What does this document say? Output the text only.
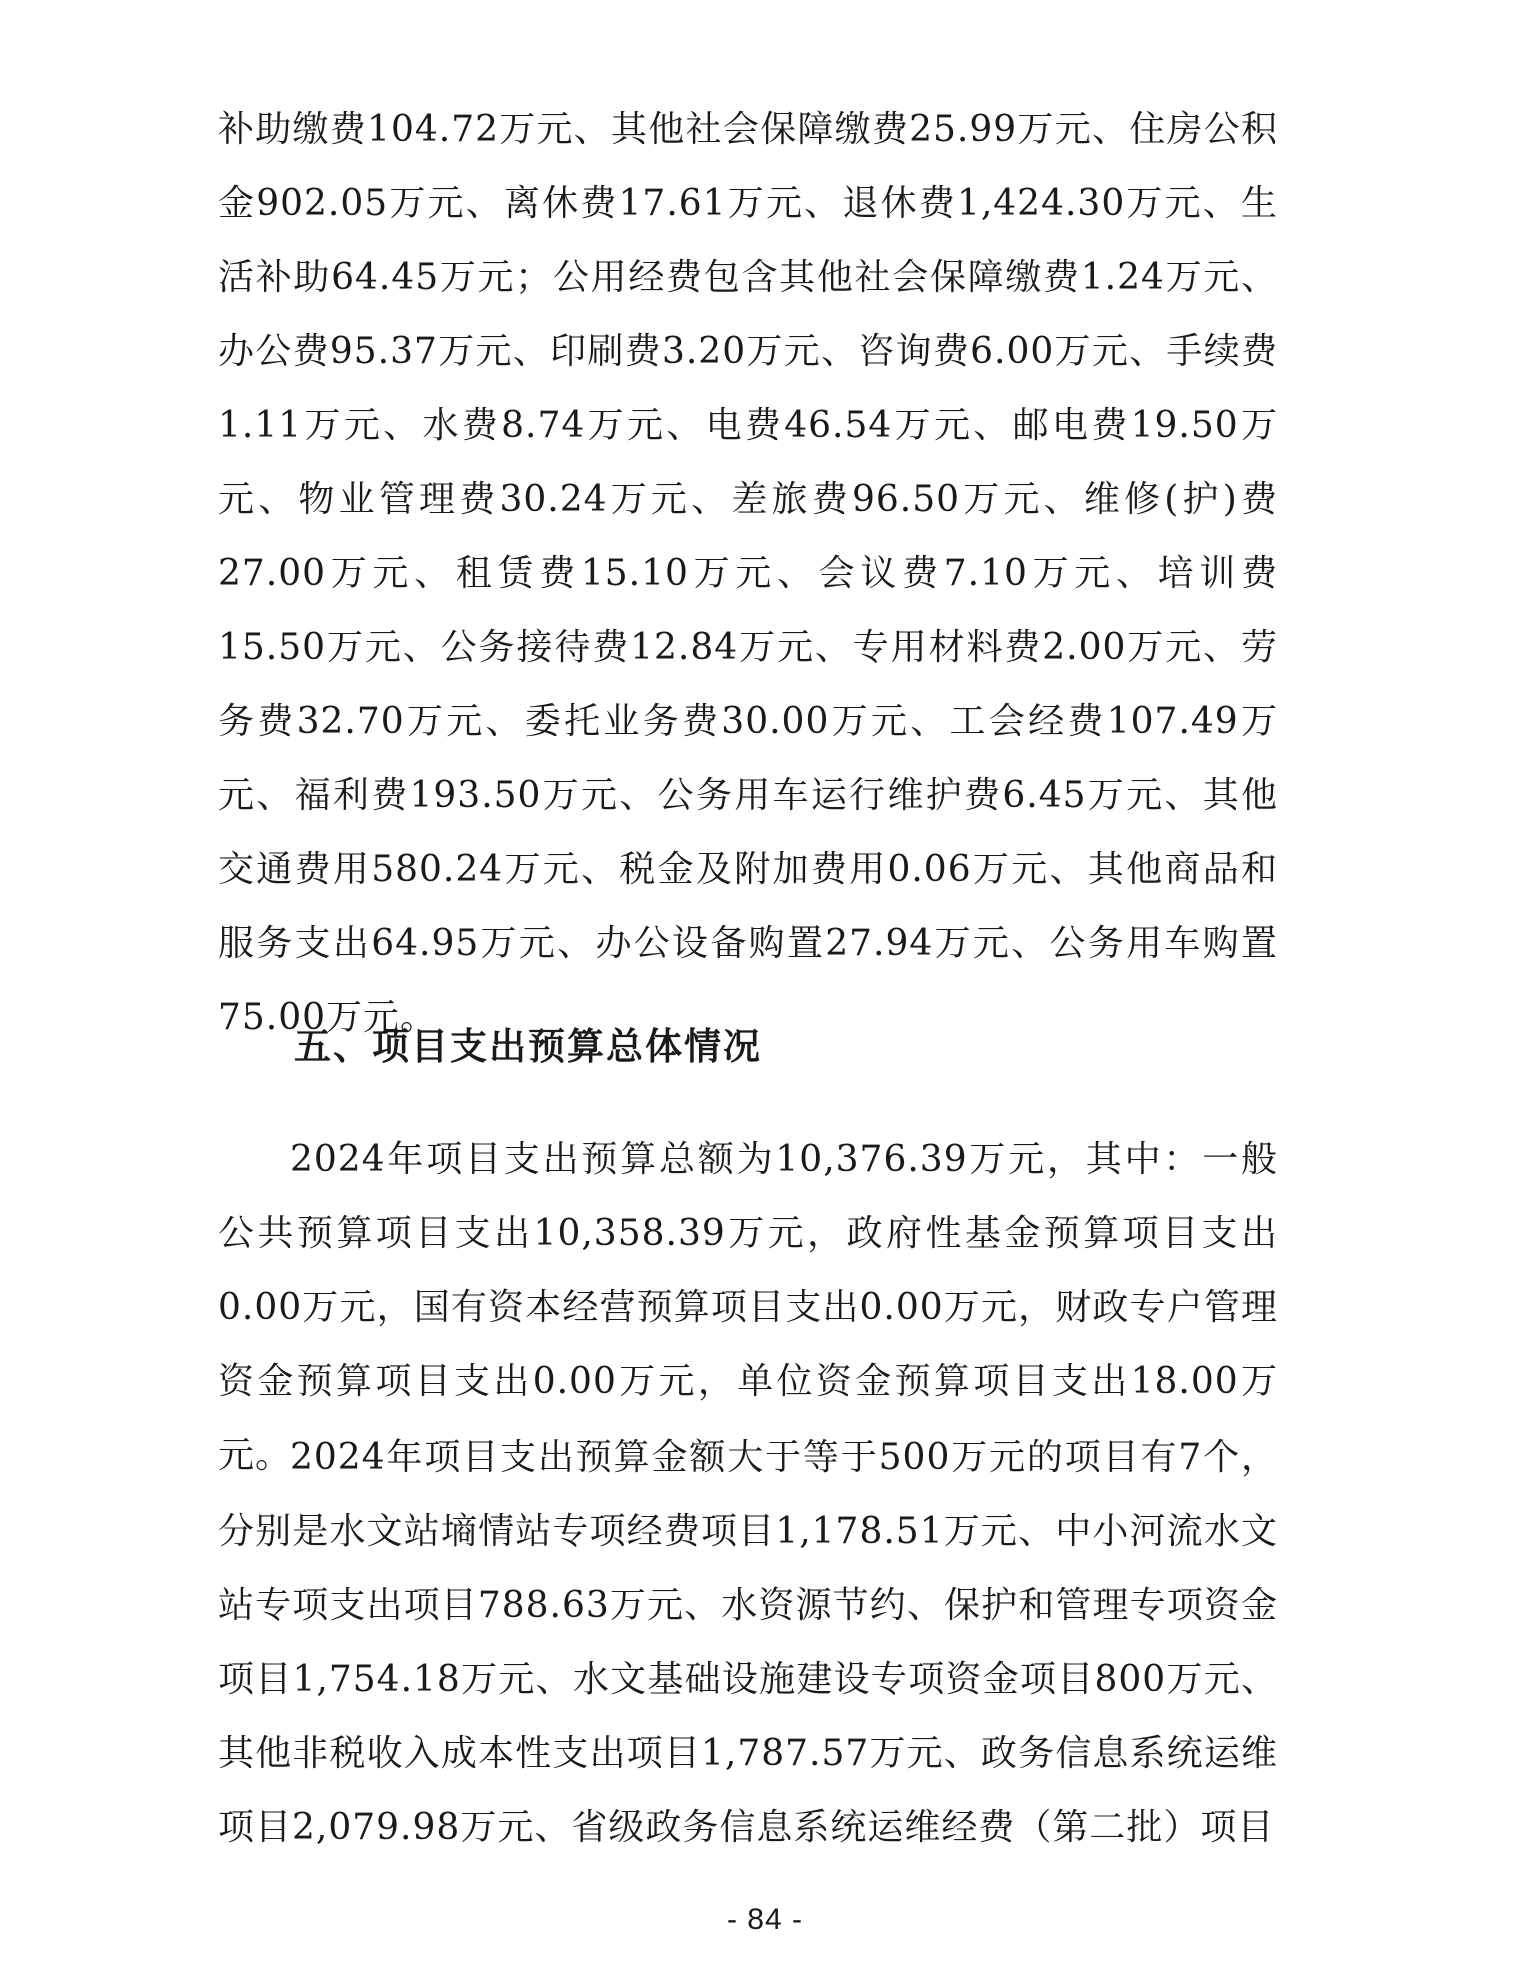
补助缴费104.72万元、其他社会保障缴费25.99万元、住房公积金902.05万元、离休费17.61万元、退休费1,424.30万元、生活补助64.45万元；公用经费包含其他社会保障缴费1.24万元、办公费95.37万元、印刷费3.20万元、咨询费6.00万元、手续费1.11万元、水费8.74万元、电费46.54万元、邮电费19.50万元、物业管理费30.24万元、差旅费96.50万元、维修(护)费27.00万元、租赁费15.10万元、会议费7.10万元、培训费15.50万元、公务接待费12.84万元、专用材料费2.00万元、劳务费32.70万元、委托业务费30.00万元、工会经费107.49万元、福利费193.50万元、公务用车运行维护费6.45万元、其他交通费用580.24万元、税金及附加费用0.06万元、其他商品和服务支出64.95万元、办公设备购置27.94万元、公务用车购置75.00万元。

五、项目支出预算总体情况

2024年项目支出预算总额为10,376.39万元，其中：一般公共预算项目支出10,358.39万元，政府性基金预算项目支出0.00万元，国有资本经营预算项目支出0.00万元，财政专户管理资金预算项目支出0.00万元，单位资金预算项目支出18.00万元。

2024年项目支出预算金额大于等于500万元的项目有7个，分别是水文站墒情站专项经费项目1,178.51万元、中小河流水文站专项支出项目788.63万元、水资源节约、保护和管理专项资金项目1,754.18万元、水文基础设施建设专项资金项目800万元、其他非税收入成本性支出项目1,787.57万元、政务信息系统运维项目2,079.98万元、省级政务信息系统运维经费（第二批）项目

- 84 -
